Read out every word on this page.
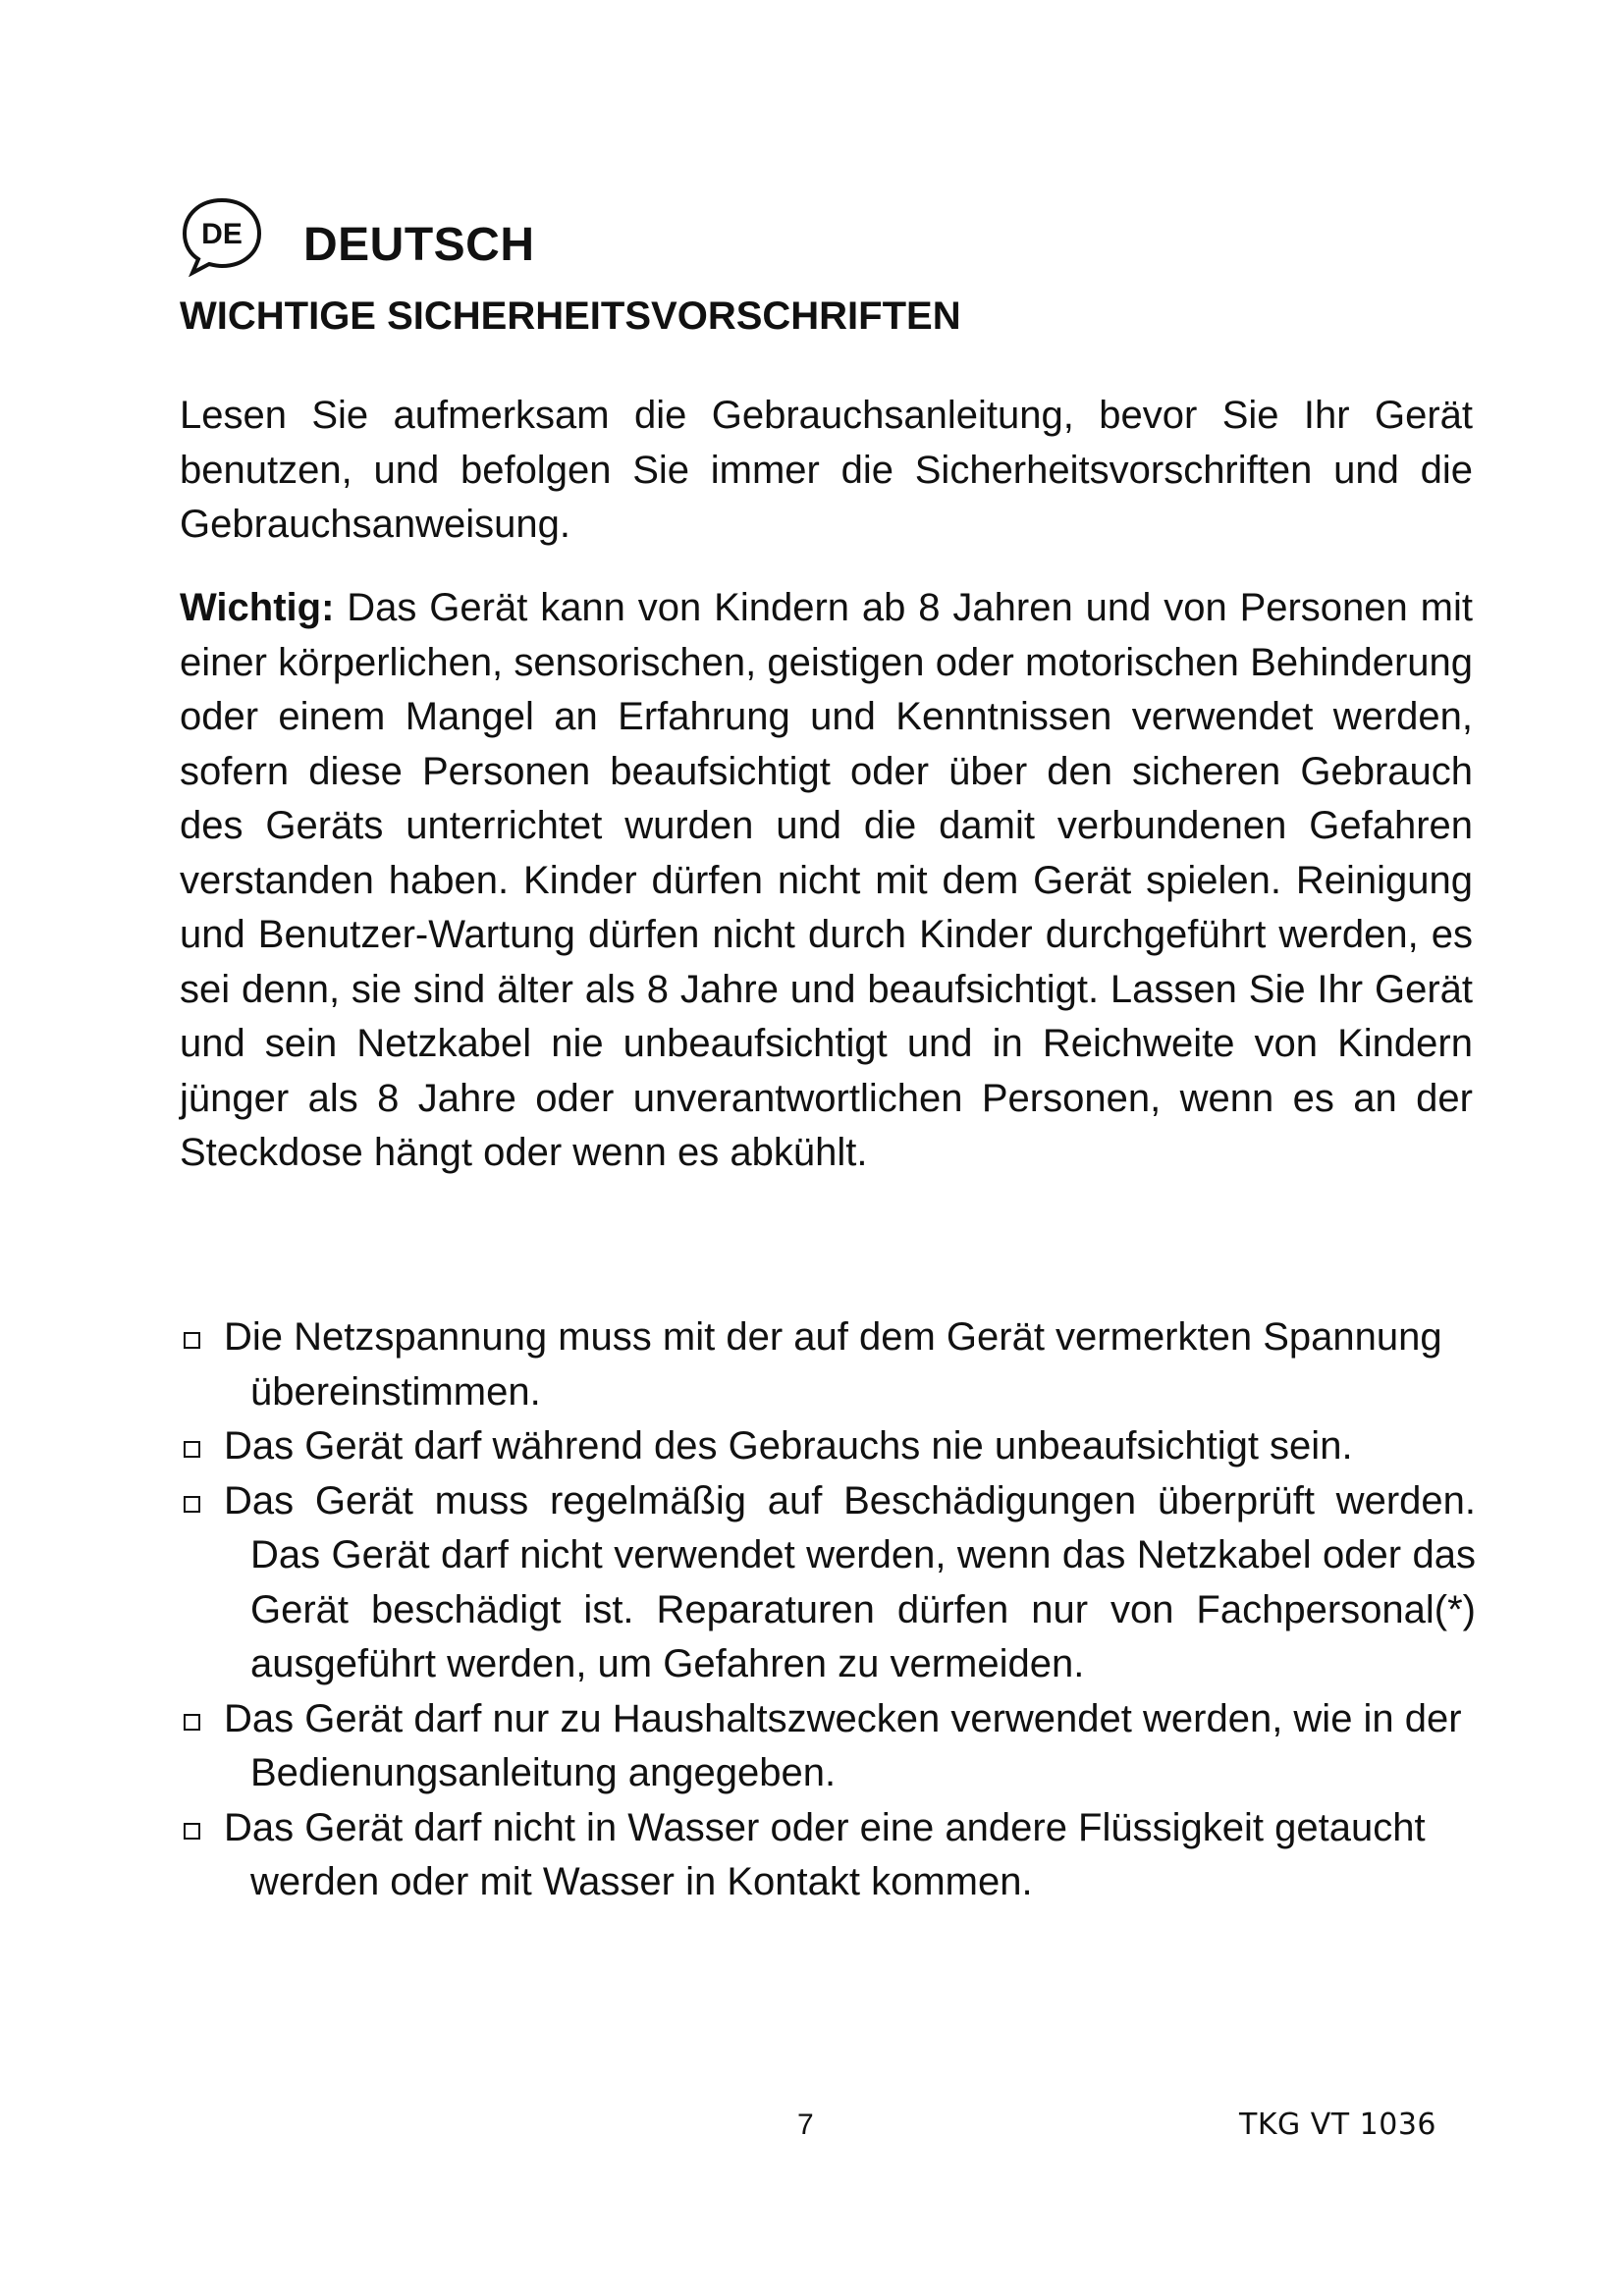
DE DEUTSCH
WICHTIGE SICHERHEITSVORSCHRIFTEN

Lesen Sie aufmerksam die Gebrauchsanleitung, bevor Sie Ihr Gerät benutzen, und befolgen Sie immer die Sicherheitsvorschriften und die Gebrauchsanweisung.

Wichtig: Das Gerät kann von Kindern ab 8 Jahren und von Personen mit einer körperlichen, sensorischen, geistigen oder motorischen Behinderung oder einem Mangel an Erfahrung und Kenntnissen verwendet werden, sofern diese Personen beaufsichtigt oder über den sicheren Gebrauch des Geräts unterrichtet wurden und die damit verbundenen Gefahren verstanden haben. Kinder dürfen nicht mit dem Gerät spielen. Reinigung und Benutzer-Wartung dürfen nicht durch Kinder durchgeführt werden, es sei denn, sie sind älter als 8 Jahre und beaufsichtigt. Lassen Sie Ihr Gerät und sein Netzkabel nie unbeaufsichtigt und in Reichweite von Kindern jünger als 8 Jahre oder unverantwortlichen Personen, wenn es an der Steckdose hängt oder wenn es abkühlt.

Die Netzspannung muss mit der auf dem Gerät vermerkten Spannung übereinstimmen.
Das Gerät darf während des Gebrauchs nie unbeaufsichtigt sein.
Das Gerät muss regelmäßig auf Beschädigungen überprüft werden. Das Gerät darf nicht verwendet werden, wenn das Netzkabel oder das Gerät beschädigt ist. Reparaturen dürfen nur von Fachpersonal(*) ausgeführt werden, um Gefahren zu vermeiden.
Das Gerät darf nur zu Haushaltszwecken verwendet werden, wie in der Bedienungsanleitung angegeben.
Das Gerät darf nicht in Wasser oder eine andere Flüssigkeit getaucht werden oder mit Wasser in Kontakt kommen.
7	TKG VT 1036
